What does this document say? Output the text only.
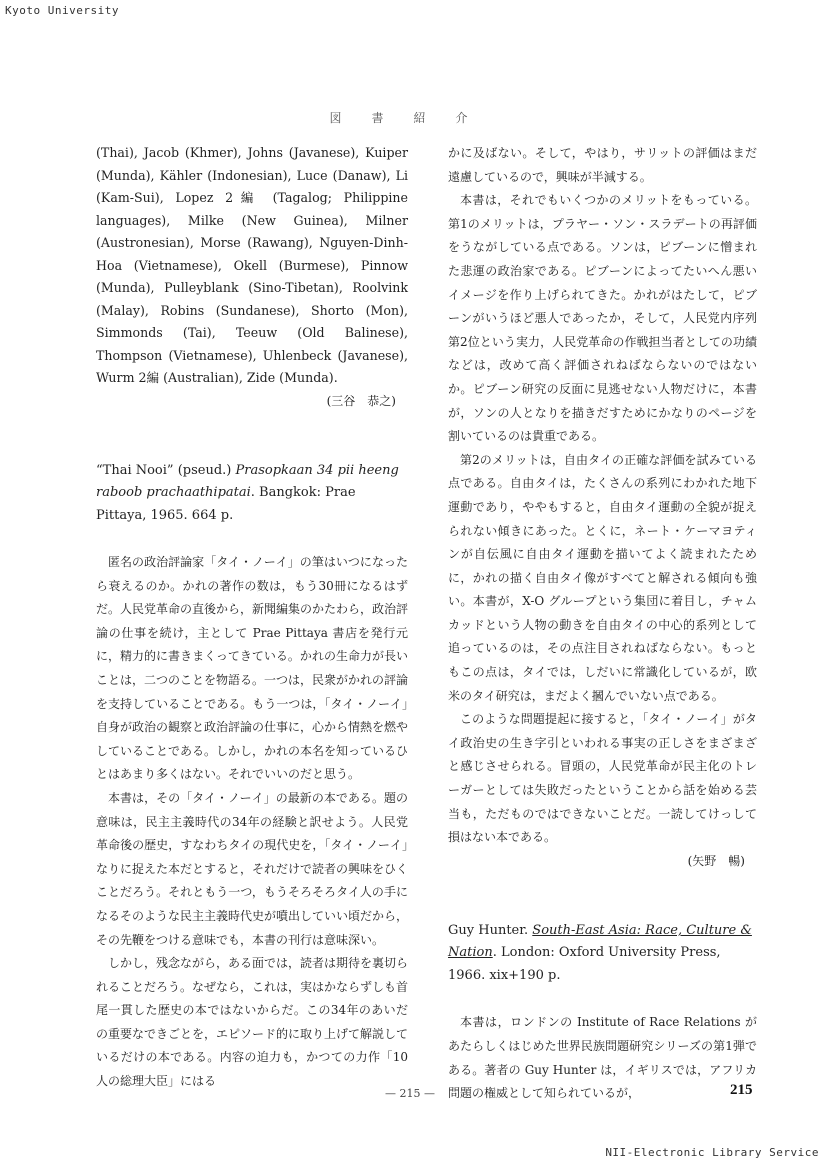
Kyoto University
図書紹介

(Thai), Jacob (Khmer), Johns (Javanese), Kuiper (Munda), Kähler (Indonesian), Luce (Danaw), Li (Kam-Sui), Lopez 2編 (Tagalog; Philippine languages), Milke (New Guinea), Milner (Austronesian), Morse (Rawang), Nguyen-Dinh-Hoa (Vietnamese), Okell (Burmese), Pinnow (Munda), Pulleyblank (Sino-Tibetan), Roolvink (Malay), Robins (Sundanese), Shorto (Mon), Simmonds (Tai), Teeuw (Old Balinese), Thompson (Vietnamese), Uhlenbeck (Javanese), Wurm 2編 (Australian), Zide (Munda).

(三谷　恭之)

“Thai Nooi” (pseud.) Prasopkaan 34 pii heeng raboob prachaathipatai. Bangkok: Prae Pittaya, 1965. 664 p.

匿名の政治評論家「タイ・ノーイ」の筆はいつになったら衰えるのか。かれの著作の数は，もう30冊になるはずだ。人民党革命の直後から，新聞編集のかたわら，政治評論の仕事を続け，主として Prae Pittaya 書店を発行元に，精力的に書きまくってきている。かれの生命力が長いことは，二つのことを物語る。一つは，民衆がかれの評論を支持していることである。もう一つは，「タイ・ノーイ」自身が政治の観察と政治評論の仕事に，心から情熱を燃やしていることである。しかし，かれの本名を知っているひとはあまり多くはない。それでいいのだと思う。

本書は，その「タイ・ノーイ」の最新の本である。題の意味は，民主主義時代の34年の経験と訳せよう。人民党革命後の歴史，すなわちタイの現代史を，「タイ・ノーイ」なりに捉えた本だとすると，それだけで読者の興味をひくことだろう。それともう一つ，もうそろそろタイ人の手になるそのような民主主義時代史が噴出していい頃だから，その先鞭をつける意味でも，本書の刊行は意味深い。

しかし，残念ながら，ある面では，読者は期待を裏切られることだろう。なぜなら，これは，実はかならずしも首尾一貫した歴史の本ではないからだ。この34年のあいだの重要なできごとを，エピソード的に取り上げて解説しているだけの本である。内容の迫力も，かつての力作「10人の総理大臣」にはる

かに及ばない。そして，やはり，サリットの評価はまだ遠慮しているので，興味が半減する。

本書は，それでもいくつかのメリットをもっている。第1のメリットは，プラヤー・ソン・スラデートの再評価をうながしている点である。ソンは，ピブーンに憎まれた悲運の政治家である。ピブーンによってたいへん悪いイメージを作り上げられてきた。かれがはたして，ピブーンがいうほど悪人であったか，そして，人民党内序列第2位という実力，人民党革命の作戦担当者としての功績などは，改めて高く評価されねばならないのではないか。ピブーン研究の反面に見逃せない人物だけに，本書が，ソンの人となりを描きだすためにかなりのページを割いているのは貴重である。

第2のメリットは，自由タイの正確な評価を試みている点である。自由タイは，たくさんの系列にわかれた地下運動であり，ややもすると，自由タイ運動の全貌が捉えられない傾きにあった。とくに，ネート・ケーマヨティンが自伝風に自由タイ運動を描いてよく読まれたために，かれの描く自由タイ像がすべてと解される傾向も強い。本書が，X-O グループという集団に着目し，チャムカッドという人物の動きを自由タイの中心的系列として追っているのは，その点注目されねばならない。もっともこの点は，タイでは，しだいに常識化しているが，欧米のタイ研究は，まだよく摑んでいない点である。

このような問題提起に接すると，「タイ・ノーイ」がタイ政治史の生き字引といわれる事実の正しさをまざまざと感じさせられる。冒頭の，人民党革命が民主化のトレーガーとしては失敗だったということから話を始める芸当も，ただものではできないことだ。一読してけっして損はない本である。

(矢野　暢)

Guy Hunter. South-East Asia: Race, Culture & Nation. London: Oxford University Press, 1966. xix+190 p.

本書は，ロンドンの Institute of Race Relations があたらしくはじめた世界民族問題研究シリーズの第1弾である。著者の Guy Hunter は，イギリスでは，アフリカ問題の権威として知られているが，

— 215 —	215
NII-Electronic Library Service
